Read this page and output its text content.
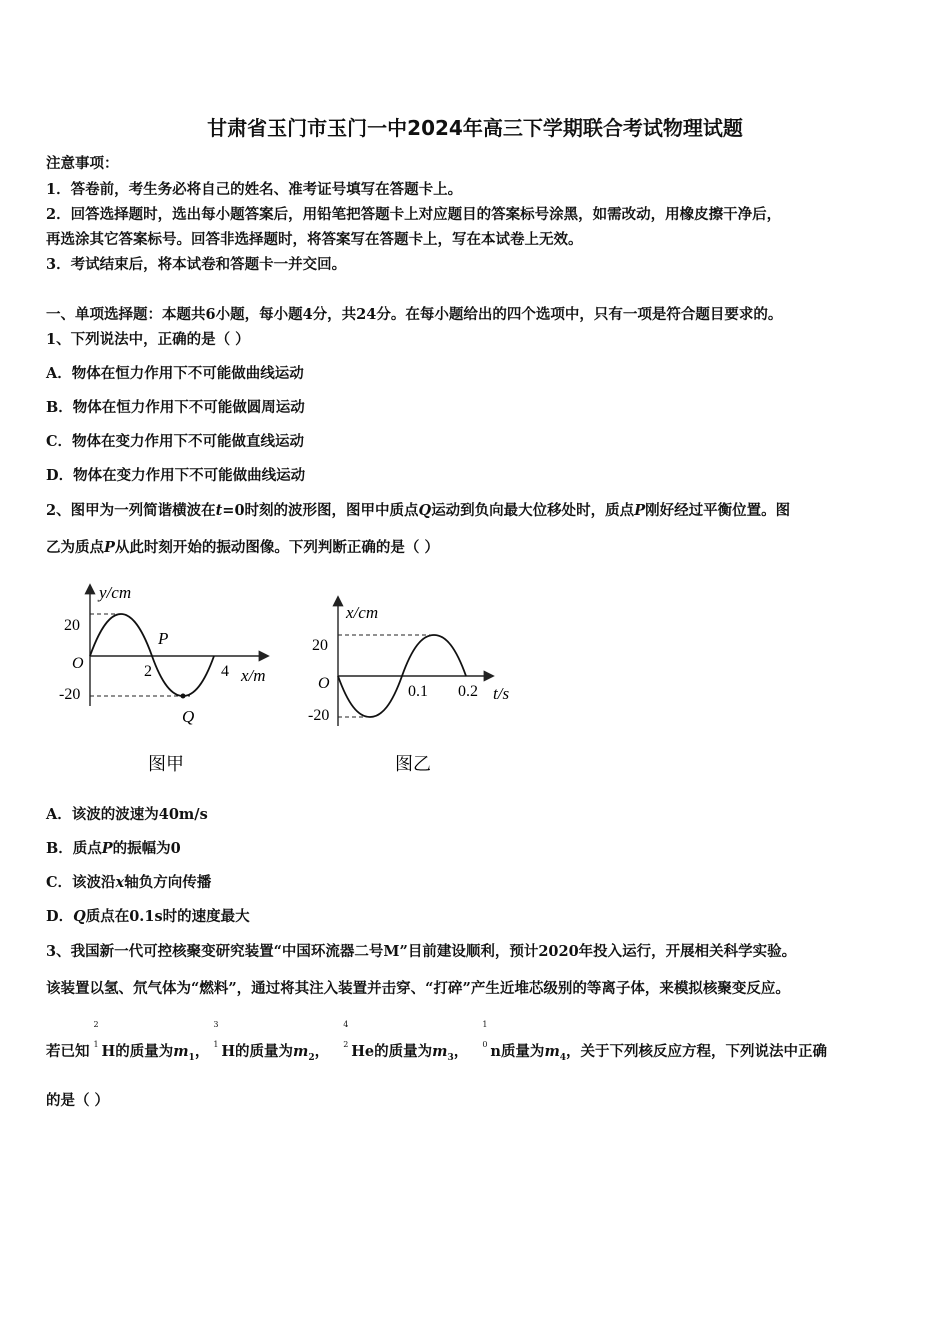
甘肃省玉门市玉门一中2024年高三下学期联合考试物理试题
注意事项：
1．答卷前，考生务必将自己的姓名、准考证号填写在答题卡上。
2．回答选择题时，选出每小题答案后，用铅笔把答题卡上对应题目的答案标号涂黑，如需改动，用橡皮擦干净后，
再选涂其它答案标号。回答非选择题时，将答案写在答题卡上，写在本试卷上无效。
3．考试结束后，将本试卷和答题卡一并交回。
一、单项选择题：本题共6小题，每小题4分，共24分。在每小题给出的四个选项中，只有一项是符合题目要求的。
1、下列说法中，正确的是（ ）
A．物体在恒力作用下不可能做曲线运动
B．物体在恒力作用下不可能做圆周运动
C．物体在变力作用下不可能做直线运动
D．物体在变力作用下不可能做曲线运动
2、图甲为一列简谐横波在t=0时刻的波形图，图甲中质点Q运动到负向最大位移处时，质点P刚好经过平衡位置。图
乙为质点P从此时刻开始的振动图像。下列判断正确的是（ ）
y/cm
20
O
-20
2	4 x/m
P
Q
图甲
x/cm
20
O
-20
0.1 0.2 t/s
图乙
A．该波的波速为40m/s
B．质点P的振幅为0
C．该波沿x轴负方向传播
D．Q质点在0.1s时的速度最大
3、我国新一代可控核聚变研究装置“中国环流器二号M”目前建设顺利，预计2020年投入运行，开展相关科学实验。
该装置以氢、氘气体为“燃料”，通过将其注入装置并击穿、“打碎”产生近堆芯级别的等离子体，来模拟核聚变反应。
若已知
2
1 H的质量为$m_1$，
3
1 H的质量为$m_2$，
4
2 He的质量为$m_3$，
1
0 n质量为$m_4$，关于下列核反应方程，下列说法中正确
的是（ ）
